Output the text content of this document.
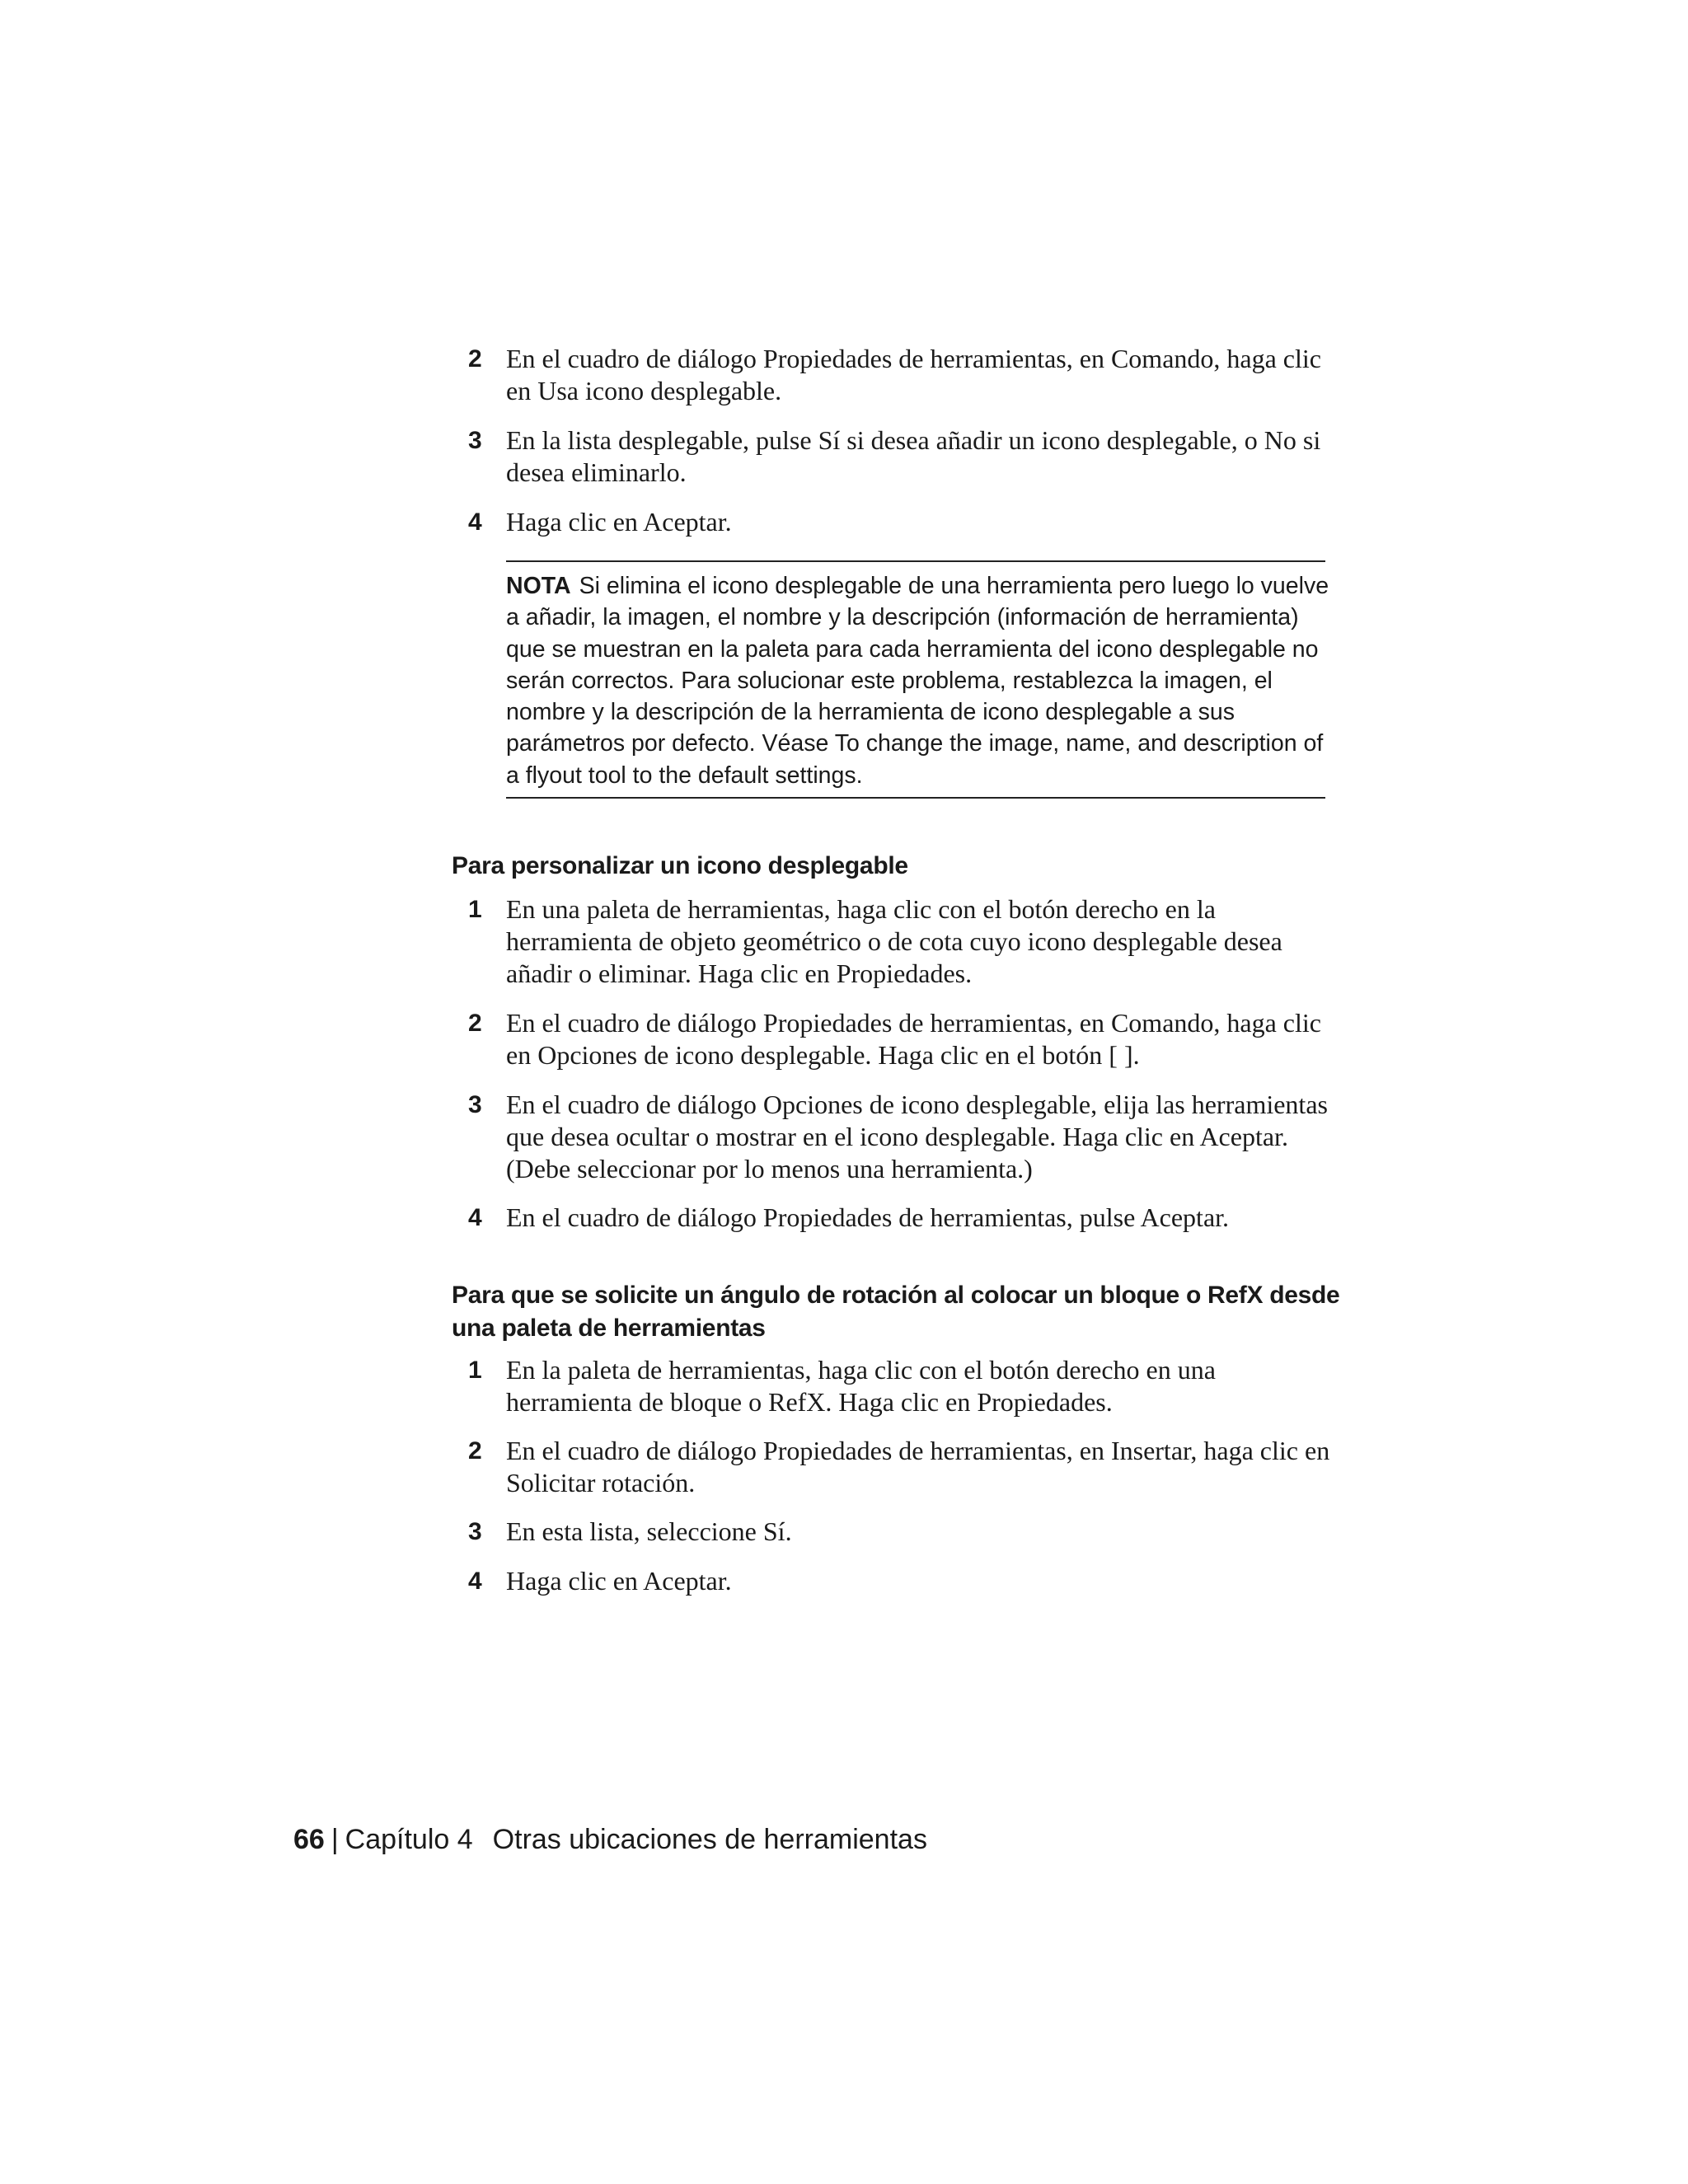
2 En el cuadro de diálogo Propiedades de herramientas, en Comando, haga clic en Usa icono desplegable.
3 En la lista desplegable, pulse Sí si desea añadir un icono desplegable, o No si desea eliminarlo.
4 Haga clic en Aceptar.
NOTA Si elimina el icono desplegable de una herramienta pero luego lo vuelve a añadir, la imagen, el nombre y la descripción (información de herramienta) que se muestran en la paleta para cada herramienta del icono desplegable no serán correctos. Para solucionar este problema, restablezca la imagen, el nombre y la descripción de la herramienta de icono desplegable a sus parámetros por defecto. Véase To change the image, name, and description of a flyout tool to the default settings.
Para personalizar un icono desplegable
1 En una paleta de herramientas, haga clic con el botón derecho en la herramienta de objeto geométrico o de cota cuyo icono desplegable desea añadir o eliminar. Haga clic en Propiedades.
2 En el cuadro de diálogo Propiedades de herramientas, en Comando, haga clic en Opciones de icono desplegable. Haga clic en el botón [ ].
3 En el cuadro de diálogo Opciones de icono desplegable, elija las herramientas que desea ocultar o mostrar en el icono desplegable. Haga clic en Aceptar. (Debe seleccionar por lo menos una herramienta.)
4 En el cuadro de diálogo Propiedades de herramientas, pulse Aceptar.
Para que se solicite un ángulo de rotación al colocar un bloque o RefX desde una paleta de herramientas
1 En la paleta de herramientas, haga clic con el botón derecho en una herramienta de bloque o RefX. Haga clic en Propiedades.
2 En el cuadro de diálogo Propiedades de herramientas, en Insertar, haga clic en Solicitar rotación.
3 En esta lista, seleccione Sí.
4 Haga clic en Aceptar.
66 | Capítulo 4 Otras ubicaciones de herramientas
